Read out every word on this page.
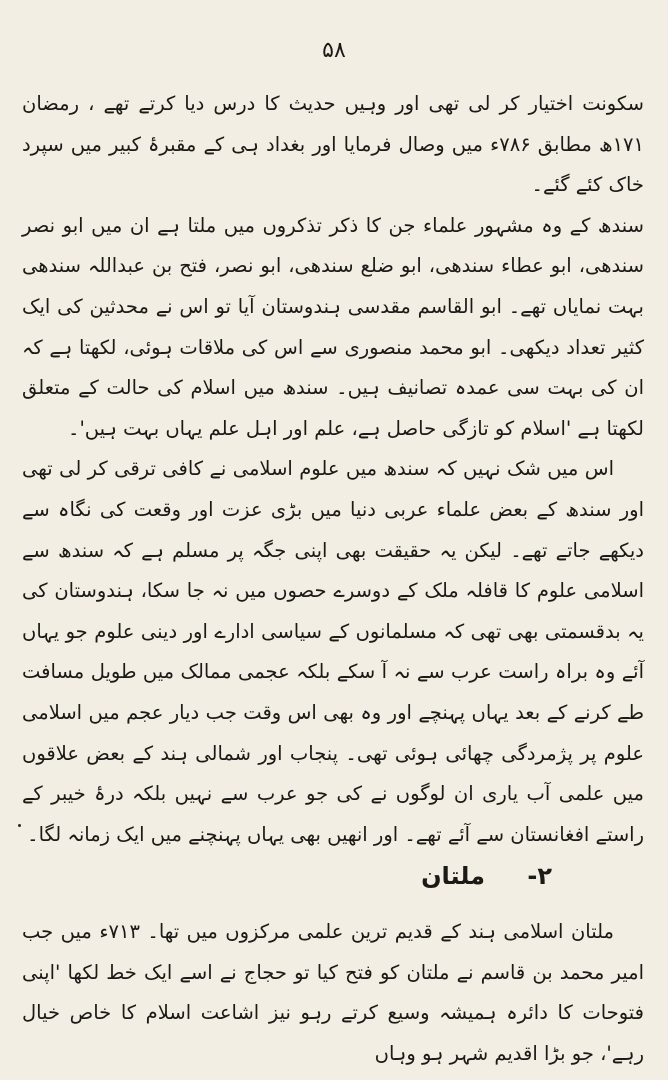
۵۸

سکونت اختیار کر لی تھی اور وہیں حدیث کا درس دیا کرتے تھے ، رمضان ۱۷۱ھ مطابق ۷۸۶ء میں وصال فرمایا اور بغداد ہی کے مقبرۂ کبیر میں سپرد خاک کئے گئے۔

سندھ کے وہ مشہور علماء جن کا ذکر تذکروں میں ملتا ہے ان میں ابو نصر سندھی، ابو عطاء سندھی، ابو ضلع سندھی، ابو نصر، فتح بن عبداللہ سندھی بہت نمایاں تھے۔ ابو القاسم مقدسی ہندوستان آیا تو اس نے محدثین کی ایک کثیر تعداد دیکھی۔ ابو محمد منصوری سے اس کی ملاقات ہوئی، لکھتا ہے کہ ان کی بہت سی عمدہ تصانیف ہیں۔ سندھ میں اسلام کی حالت کے متعلق لکھتا ہے 'اسلام کو تازگی حاصل ہے، علم اور اہل علم یہاں بہت ہیں'۔

اس میں شک نہیں کہ سندھ میں علوم اسلامی نے کافی ترقی کر لی تھی اور سندھ کے بعض علماء عربی دنیا میں بڑی عزت اور وقعت کی نگاہ سے دیکھے جاتے تھے۔ لیکن یہ حقیقت بھی اپنی جگہ پر مسلم ہے کہ سندھ سے اسلامی علوم کا قافلہ ملک کے دوسرے حصوں میں نہ جا سکا، ہندوستان کی یہ بدقسمتی بھی تھی کہ مسلمانوں کے سیاسی ادارے اور دینی علوم جو یہاں آئے وہ براہ راست عرب سے نہ آ سکے بلکہ عجمی ممالک میں طویل مسافت طے کرنے کے بعد یہاں پہنچے اور وہ بھی اس وقت جب دیار عجم میں اسلامی علوم پر پژمردگی چھائی ہوئی تھی۔ پنجاب اور شمالی ہند کے بعض علاقوں میں علمی آب یاری ان لوگوں نے کی جو عرب سے نہیں بلکہ درۂ خیبر کے راستے افغانستان سے آئے تھے۔ اور انھیں بھی یہاں پہنچنے میں ایک زمانہ لگا۔

۲- ملتان

ملتان اسلامی ہند کے قدیم ترین علمی مرکزوں میں تھا۔ ۷۱۳ء میں جب امیر محمد بن قاسم نے ملتان کو فتح کیا تو حجاج نے اسے ایک خط لکھا 'اپنی فتوحات کا دائرہ ہمیشہ وسیع کرتے رہو نیز اشاعت اسلام کا خاص خیال رہے'، جو بڑا اقدیم شہر ہو وہاں
